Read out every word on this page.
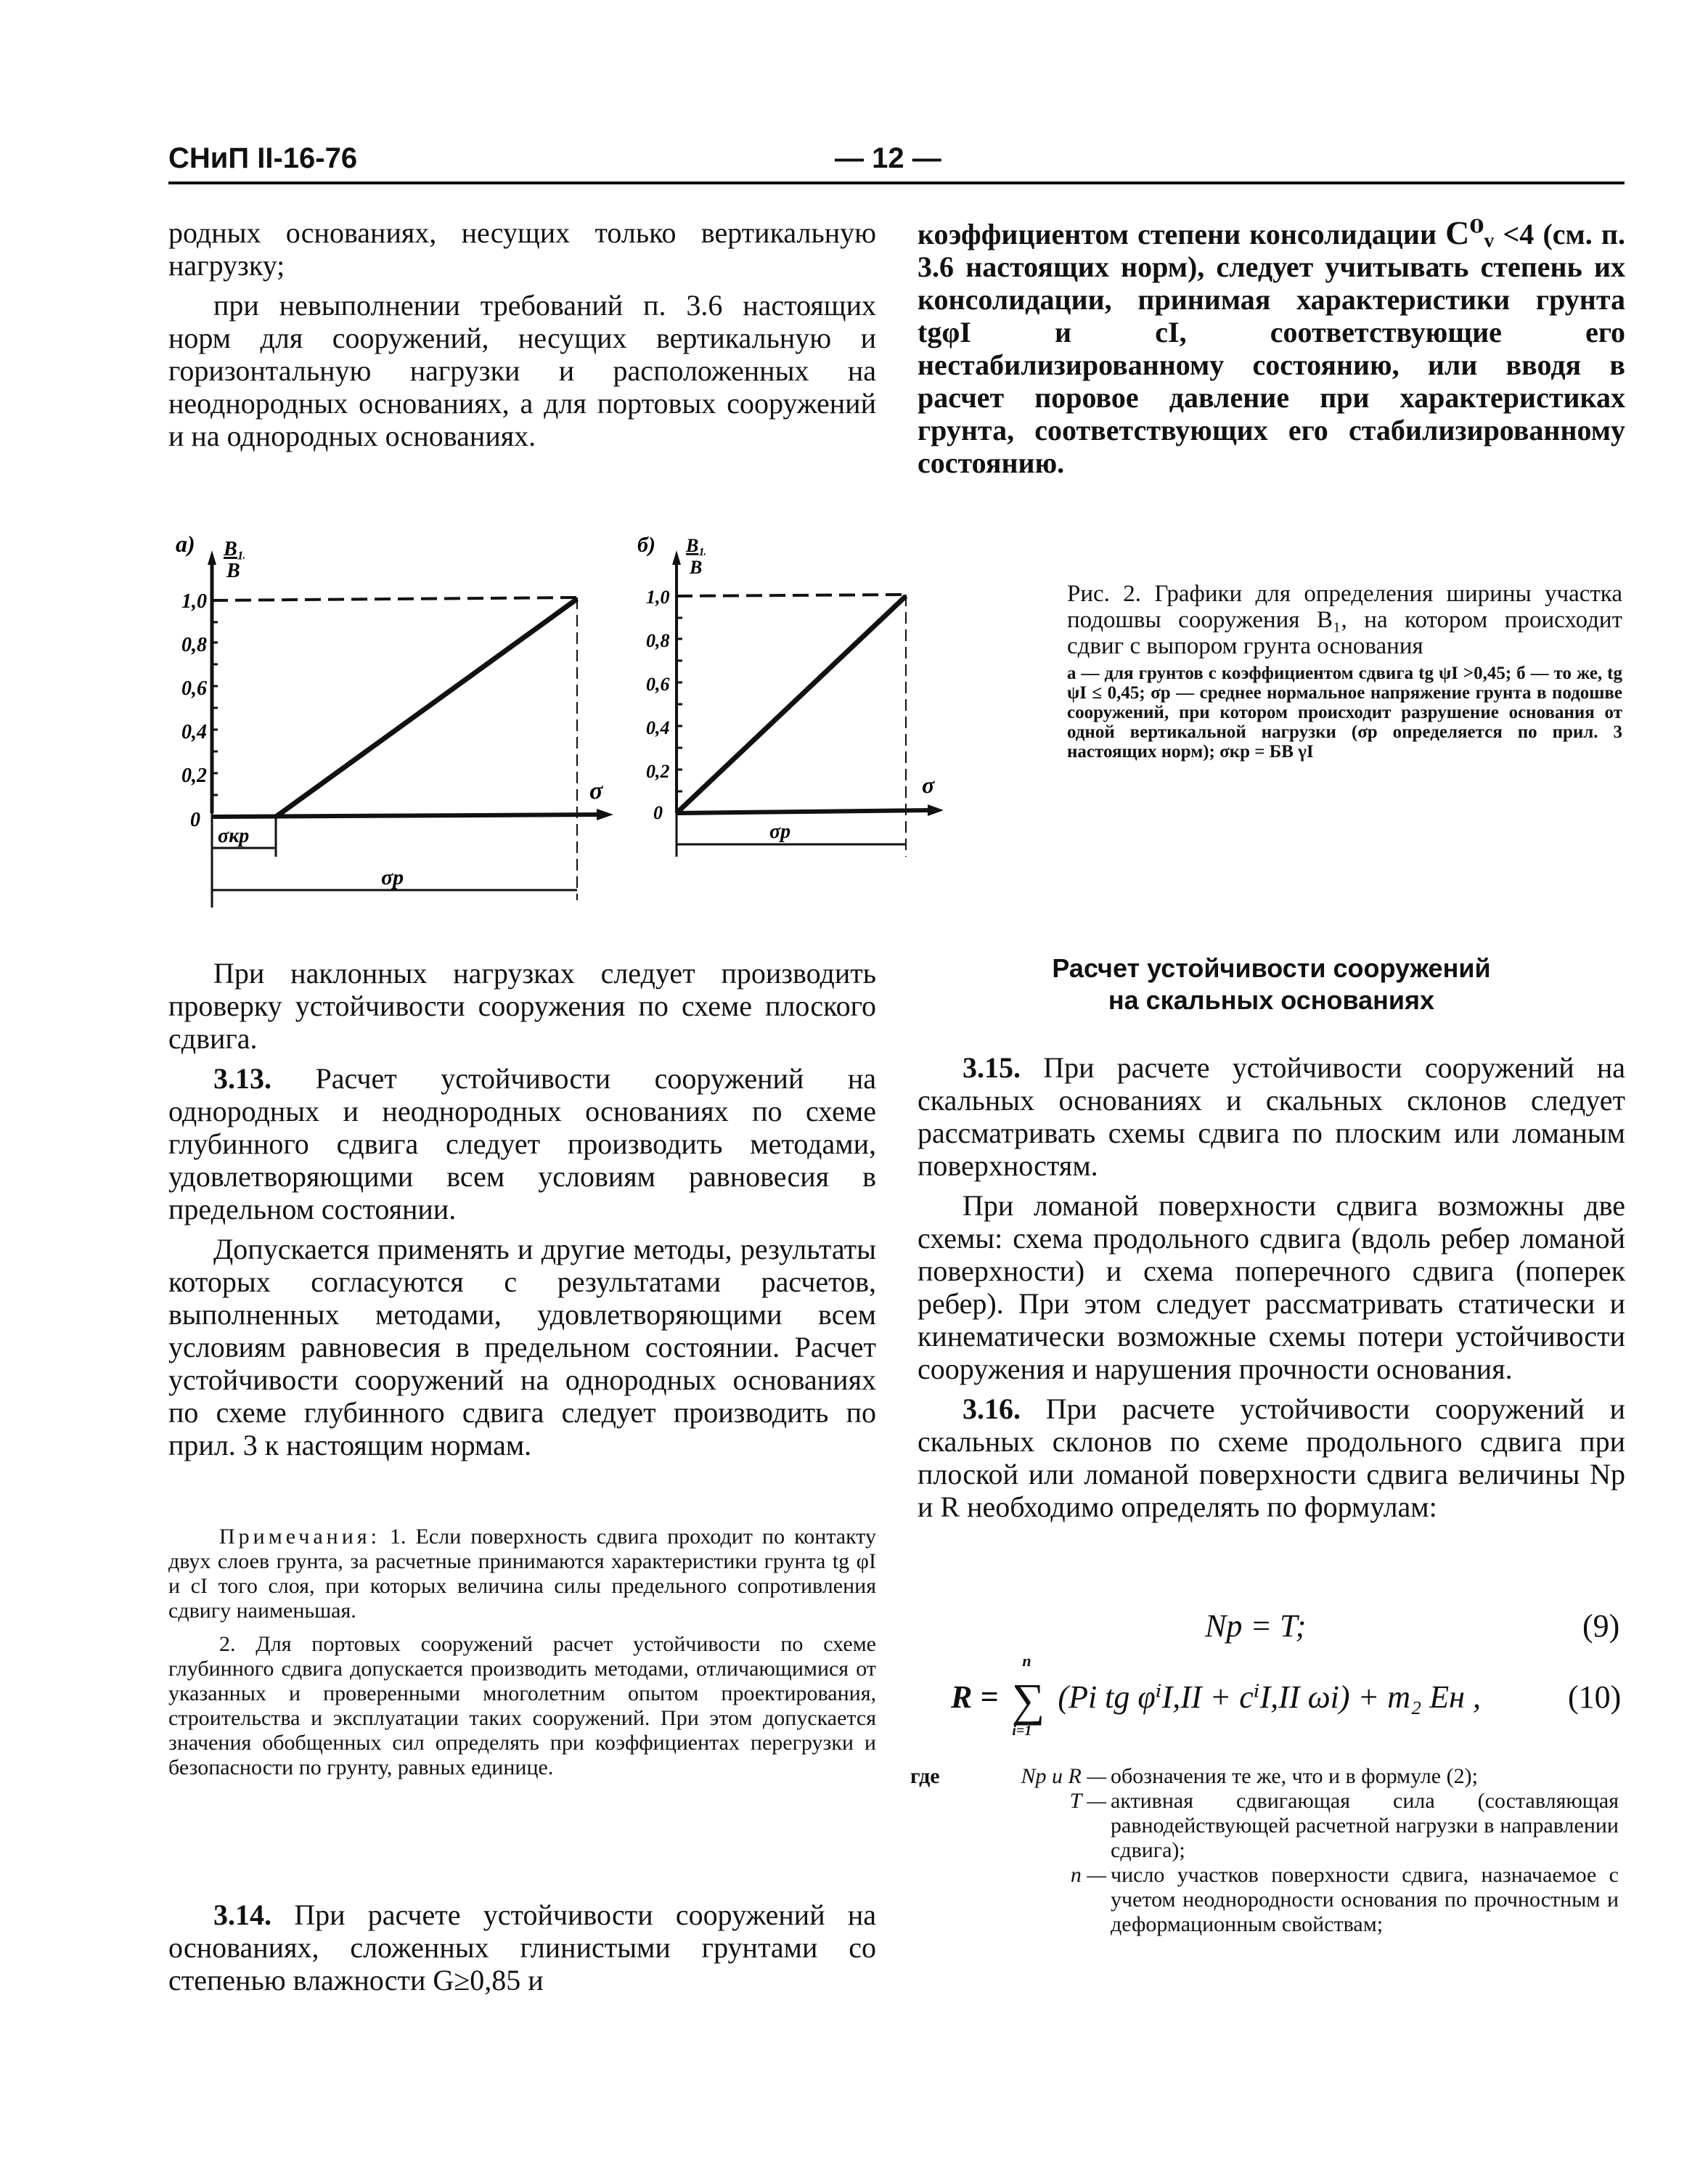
СНиП II-16-76	— 12 —

родных основаниях, несущих только вертикальную нагрузку;

при невыполнении требований п. 3.6 настоящих норм для сооружений, несущих вертикальную и горизонтальную нагрузки и расположенных на неоднородных основаниях, а для портовых сооружений и на однородных основаниях.

коэффициентом степени консолидации C⁰ᵥ <4 (см. п. 3.6 настоящих норм), следует учитывать степень их консолидации, принимая характеристики грунта tgφI и cI, соответствующие его нестабилизированному состоянию, или вводя в расчет поровое давление при характеристиках грунта, соответствующих его стабилизированному состоянию.

а) B₁
B
1,0
0,8
0,6
0,4
0,2
0
σ
σкр
σр
б) B₁
B
1,0
0,8
0,6
0,4
0,2
0
σ
σр
Рис. 2. Графики для определения ширины участка подошвы сооружения B₁, на котором происходит сдвиг с выпором грунта основания
а — для грунтов с коэффициентом сдвига tg ψI >0,45; б — то же, tg ψI ≤ 0,45; σр — среднее нормальное напряжение грунта в подошве сооружений, при котором происходит разрушение основания от одной вертикальной нагрузки (σр определяется по прил. 3 настоящих норм); σкр = БВ γI

При наклонных нагрузках следует производить проверку устойчивости сооружения по схеме плоского сдвига.

3.13. Расчет устойчивости сооружений на однородных и неоднородных основаниях по схеме глубинного сдвига следует производить методами, удовлетворяющими всем условиям равновесия в предельном состоянии.

Допускается применять и другие методы, результаты которых согласуются с результатами расчетов, выполненных методами, удовлетворяющими всем условиям равновесия в предельном состоянии. Расчет устойчивости сооружений на однородных основаниях по схеме глубинного сдвига следует производить по прил. 3 к настоящим нормам.

Примечания: 1. Если поверхность сдвига проходит по контакту двух слоев грунта, за расчетные принимаются характеристики грунта tg φI и cI того слоя, при которых величина силы предельного сопротивления сдвигу наименьшая.

2. Для портовых сооружений расчет устойчивости по схеме глубинного сдвига допускается производить методами, отличающимися от указанных и проверенными многолетним опытом проектирования, строительства и эксплуатации таких сооружений. При этом допускается значения обобщенных сил определять при коэффициентах перегрузки и безопасности по грунту, равных единице.

3.14. При расчете устойчивости сооружений на основаниях, сложенных глинистыми грунтами со степенью влажности G≥0,85 и

Расчет устойчивости сооружений
на скальных основаниях

3.15. При расчете устойчивости сооружений на скальных основаниях и скальных склонов следует рассматривать схемы сдвига по плоским или ломаным поверхностям.

При ломаной поверхности сдвига возможны две схемы: схема продольного сдвига (вдоль ребер ломаной поверхности) и схема поперечного сдвига (поперек ребер). При этом следует рассматривать статически и кинематически возможные схемы потери устойчивости сооружения и нарушения прочности основания.

3.16. При расчете устойчивости сооружений и скальных склонов по схеме продольного сдвига при плоской или ломаной поверхности сдвига величины Nр и R необходимо определять по формулам:

Nр = T;	(9)
R =
n
∑
i=1
(Pi tg φⁱI,II + cⁱI,II ωi) + m₂ Eн ,	(10)
где	Nр и R — обозначения те же, что и в формуле (2);
T — активная сдвигающая сила (составляющая равнодействующей расчетной нагрузки в направлении сдвига);
n — число участков поверхности сдвига, назначаемое с учетом неоднородности основания по прочностным и деформационным свойствам;
